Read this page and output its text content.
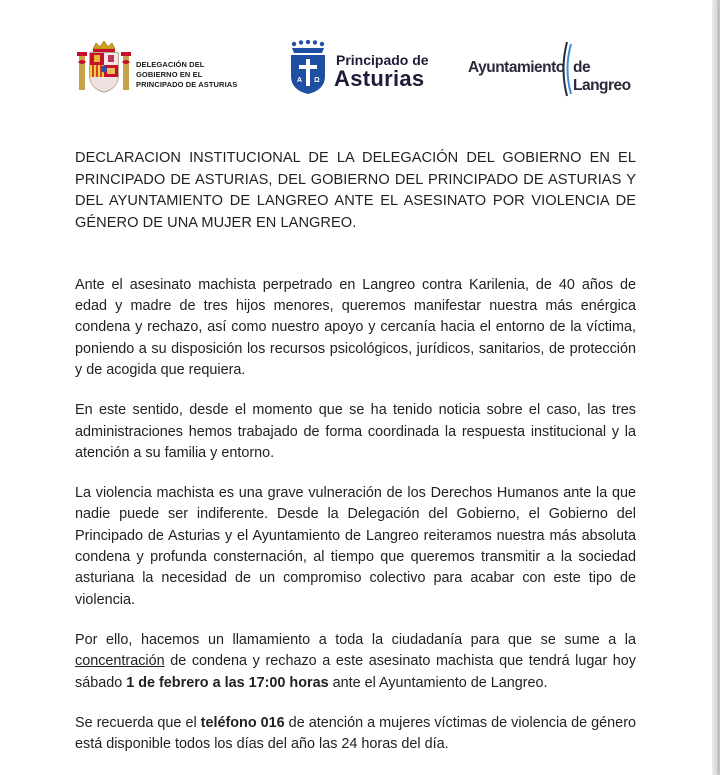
DELEGACIÓN DEL
GOBIERNO EN EL
PRINCIPADO DE ASTURIAS	A Ω
Principado de
Asturias	Ayuntamiento de Langreo

DECLARACION INSTITUCIONAL DE LA DELEGACIÓN DEL GOBIERNO EN EL PRINCIPADO DE ASTURIAS, DEL GOBIERNO DEL PRINCIPADO DE ASTURIAS Y DEL AYUNTAMIENTO DE LANGREO ANTE EL ASESINATO POR VIOLENCIA DE GÉNERO DE UNA MUJER EN LANGREO.

Ante el asesinato machista perpetrado en Langreo contra Karilenia, de 40 años de edad y madre de tres hijos menores, queremos manifestar nuestra más enérgica condena y rechazo, así como nuestro apoyo y cercanía hacia el entorno de la víctima, poniendo a su disposición los recursos psicológicos, jurídicos, sanitarios, de protección y de acogida que requiera.

En este sentido, desde el momento que se ha tenido noticia sobre el caso, las tres administraciones hemos trabajado de forma coordinada la respuesta institucional y la atención a su familia y entorno.

La violencia machista es una grave vulneración de los Derechos Humanos ante la que nadie puede ser indiferente. Desde la Delegación del Gobierno, el Gobierno del Principado de Asturias y el Ayuntamiento de Langreo reiteramos nuestra más absoluta condena y profunda consternación, al tiempo que queremos transmitir a la sociedad asturiana la necesidad de un compromiso colectivo para acabar con este tipo de violencia.

Por ello, hacemos un llamamiento a toda la ciudadanía para que se sume a la concentración de condena y rechazo a este asesinato machista que tendrá lugar hoy sábado 1 de febrero a las 17:00 horas ante el Ayuntamiento de Langreo.

Se recuerda que el teléfono 016 de atención a mujeres víctimas de violencia de género está disponible todos los días del año las 24 horas del día.
